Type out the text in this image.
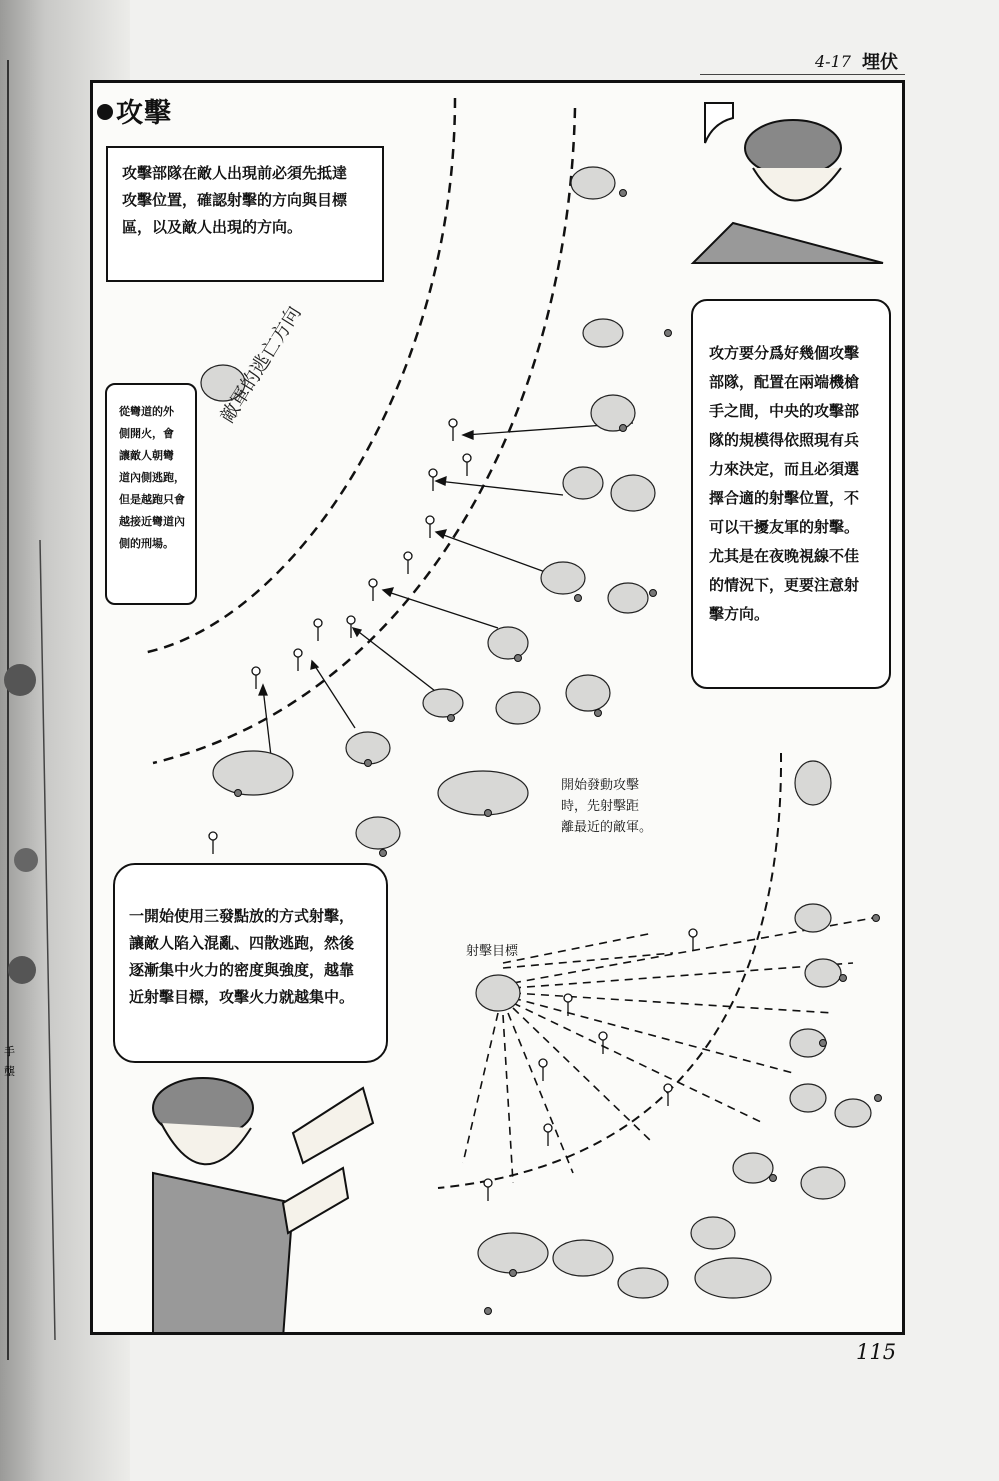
手
壟
4-17 埋伏
攻擊
攻擊部隊在敵人出現前必須先抵達
攻擊位置，確認射擊的方向與目標
區，以及敵人出現的方向。
攻方要分爲好幾個攻擊
部隊，配置在兩端機槍
手之間，中央的攻擊部
隊的規模得依照現有兵
力來決定，而且必須選
擇合適的射擊位置，不
可以干擾友軍的射擊。
尤其是在夜晚視線不佳
的情況下，更要注意射
擊方向。
從彎道的外
側開火，會
讓敵人朝彎
道內側逃跑，
但是越跑只會
越接近彎道內
側的刑場。
一開始使用三發點放的方式射擊，
讓敵人陷入混亂、四散逃跑，然後
逐漸集中火力的密度與強度，越靠
近射擊目標，攻擊火力就越集中。
敵軍的逃亡方向
開始發動攻擊
時，先射擊距
離最近的敵軍。
射擊目標
115
